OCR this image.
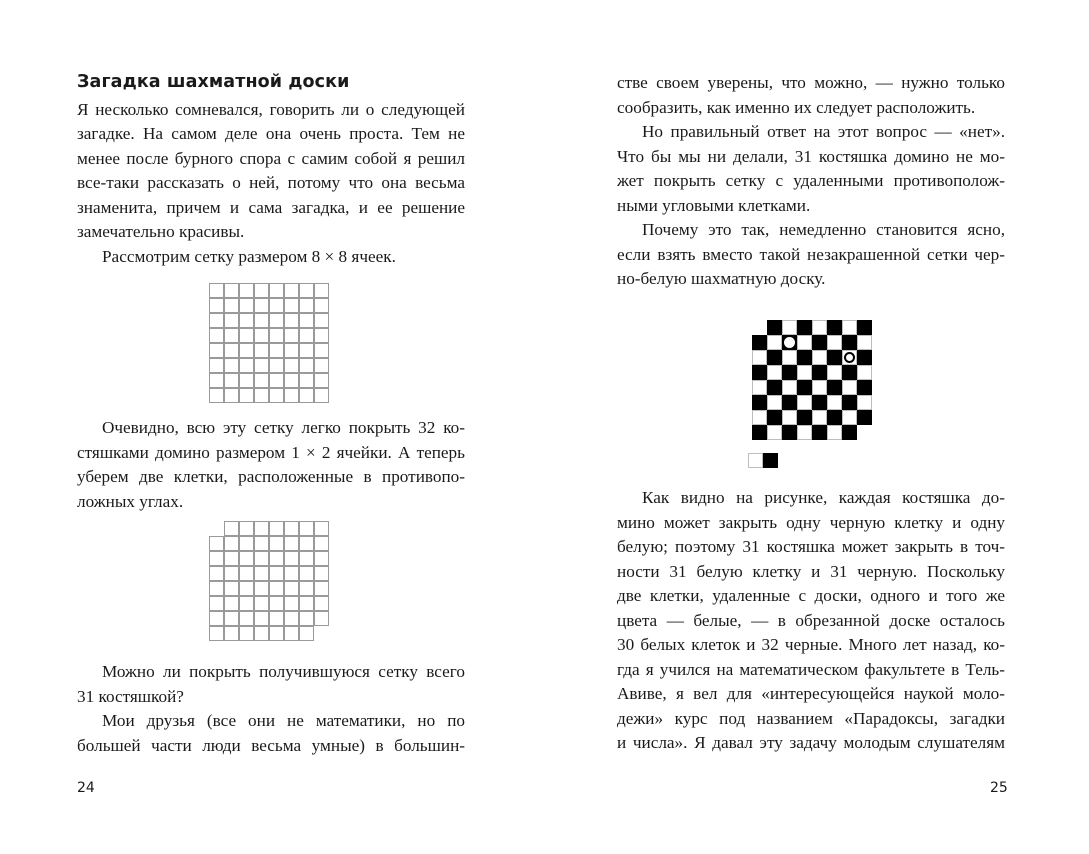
Загадка шахматной доски
Я несколько сомневался, говорить ли о следующей
загадке. На самом деле она очень проста. Тем не
менее после бурного спора с самим собой я решил
все-таки рассказать о ней, потому что она весьма
знаменита, причем и сама загадка, и ее решение
замечательно красивы.
Рассмотрим сетку размером 8 × 8 ячеек.
Очевидно, всю эту сетку легко покрыть 32 ко-
стяшками домино размером 1 × 2 ячейки. А теперь
уберем две клетки, расположенные в противопо-
ложных углах.
Можно ли покрыть получившуюся сетку всего
31 костяшкой?
Мои друзья (все они не математики, но по
большей части люди весьма умные) в большин-
24
стве своем уверены, что можно, — нужно только
сообразить, как именно их следует расположить.
Но правильный ответ на этот вопрос — «нет».
Что бы мы ни делали, 31 костяшка домино не мо-
жет покрыть сетку с удаленными противополож-
ными угловыми клетками.
Почему это так, немедленно становится ясно,
если взять вместо такой незакрашенной сетки чер-
но-белую шахматную доску.
Как видно на рисунке, каждая костяшка до-
мино может закрыть одну черную клетку и одну
белую; поэтому 31 костяшка может закрыть в точ-
ности 31 белую клетку и 31 черную. Поскольку
две клетки, удаленные с доски, одного и того же
цвета — белые, — в обрезанной доске осталось
30 белых клеток и 32 черные. Много лет назад, ко-
гда я учился на математическом факультете в Тель-
Авиве, я вел для «интересующейся наукой моло-
дежи» курс под названием «Парадоксы, загадки
и числа». Я давал эту задачу молодым слушателям
25
